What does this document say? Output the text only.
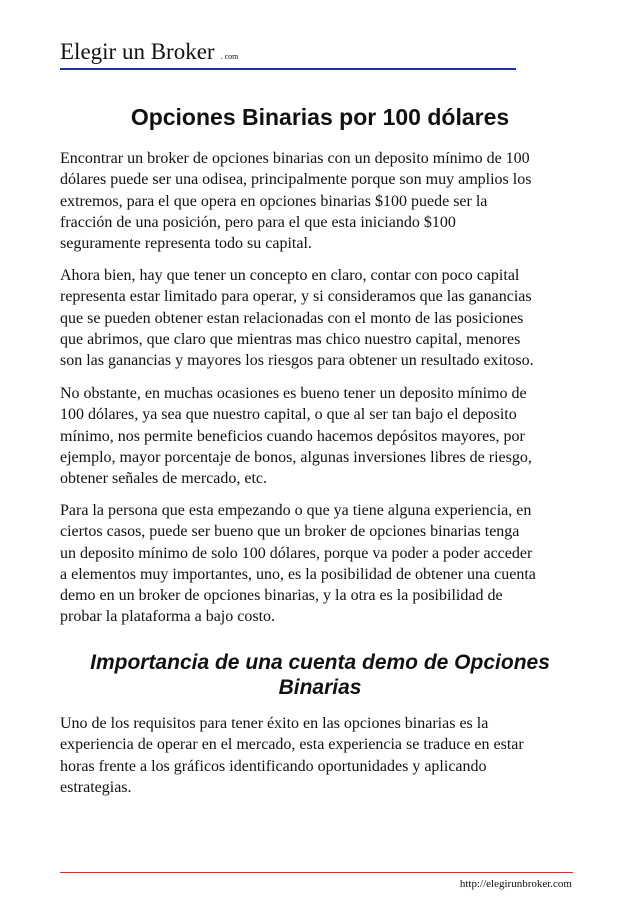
Elegir un Broker . com
Opciones Binarias por 100 dólares

Encontrar un broker de opciones binarias con un deposito mínimo de 100
dólares puede ser una odisea, principalmente porque son muy amplios los
extremos, para el que opera en opciones binarias $100 puede ser la
fracción de una posición, pero para el que esta iniciando $100
seguramente representa todo su capital.

Ahora bien, hay que tener un concepto en claro, contar con poco capital
representa estar limitado para operar, y si consideramos que las ganancias
que se pueden obtener estan relacionadas con el monto de las posiciones
que abrimos, que claro que mientras mas chico nuestro capital, menores
son las ganancias y mayores los riesgos para obtener un resultado exitoso.

No obstante, en muchas ocasiones es bueno tener un deposito mínimo de
100 dólares, ya sea que nuestro capital, o que al ser tan bajo el deposito
mínimo, nos permite beneficios cuando hacemos depósitos mayores, por
ejemplo, mayor porcentaje de bonos, algunas inversiones libres de riesgo,
obtener señales de mercado, etc.

Para la persona que esta empezando o que ya tiene alguna experiencia, en
ciertos casos, puede ser bueno que un broker de opciones binarias tenga
un deposito mínimo de solo 100 dólares, porque va poder a poder acceder
a elementos muy importantes, uno, es la posibilidad de obtener una cuenta
demo en un broker de opciones binarias, y la otra es la posibilidad de
probar la plataforma a bajo costo.

Importancia de una cuenta demo de Opciones
Binarias

Uno de los requisitos para tener éxito en las opciones binarias es la
experiencia de operar en el mercado, esta experiencia se traduce en estar
horas frente a los gráficos identificando oportunidades y aplicando
estrategias.

http://elegirunbroker.com
